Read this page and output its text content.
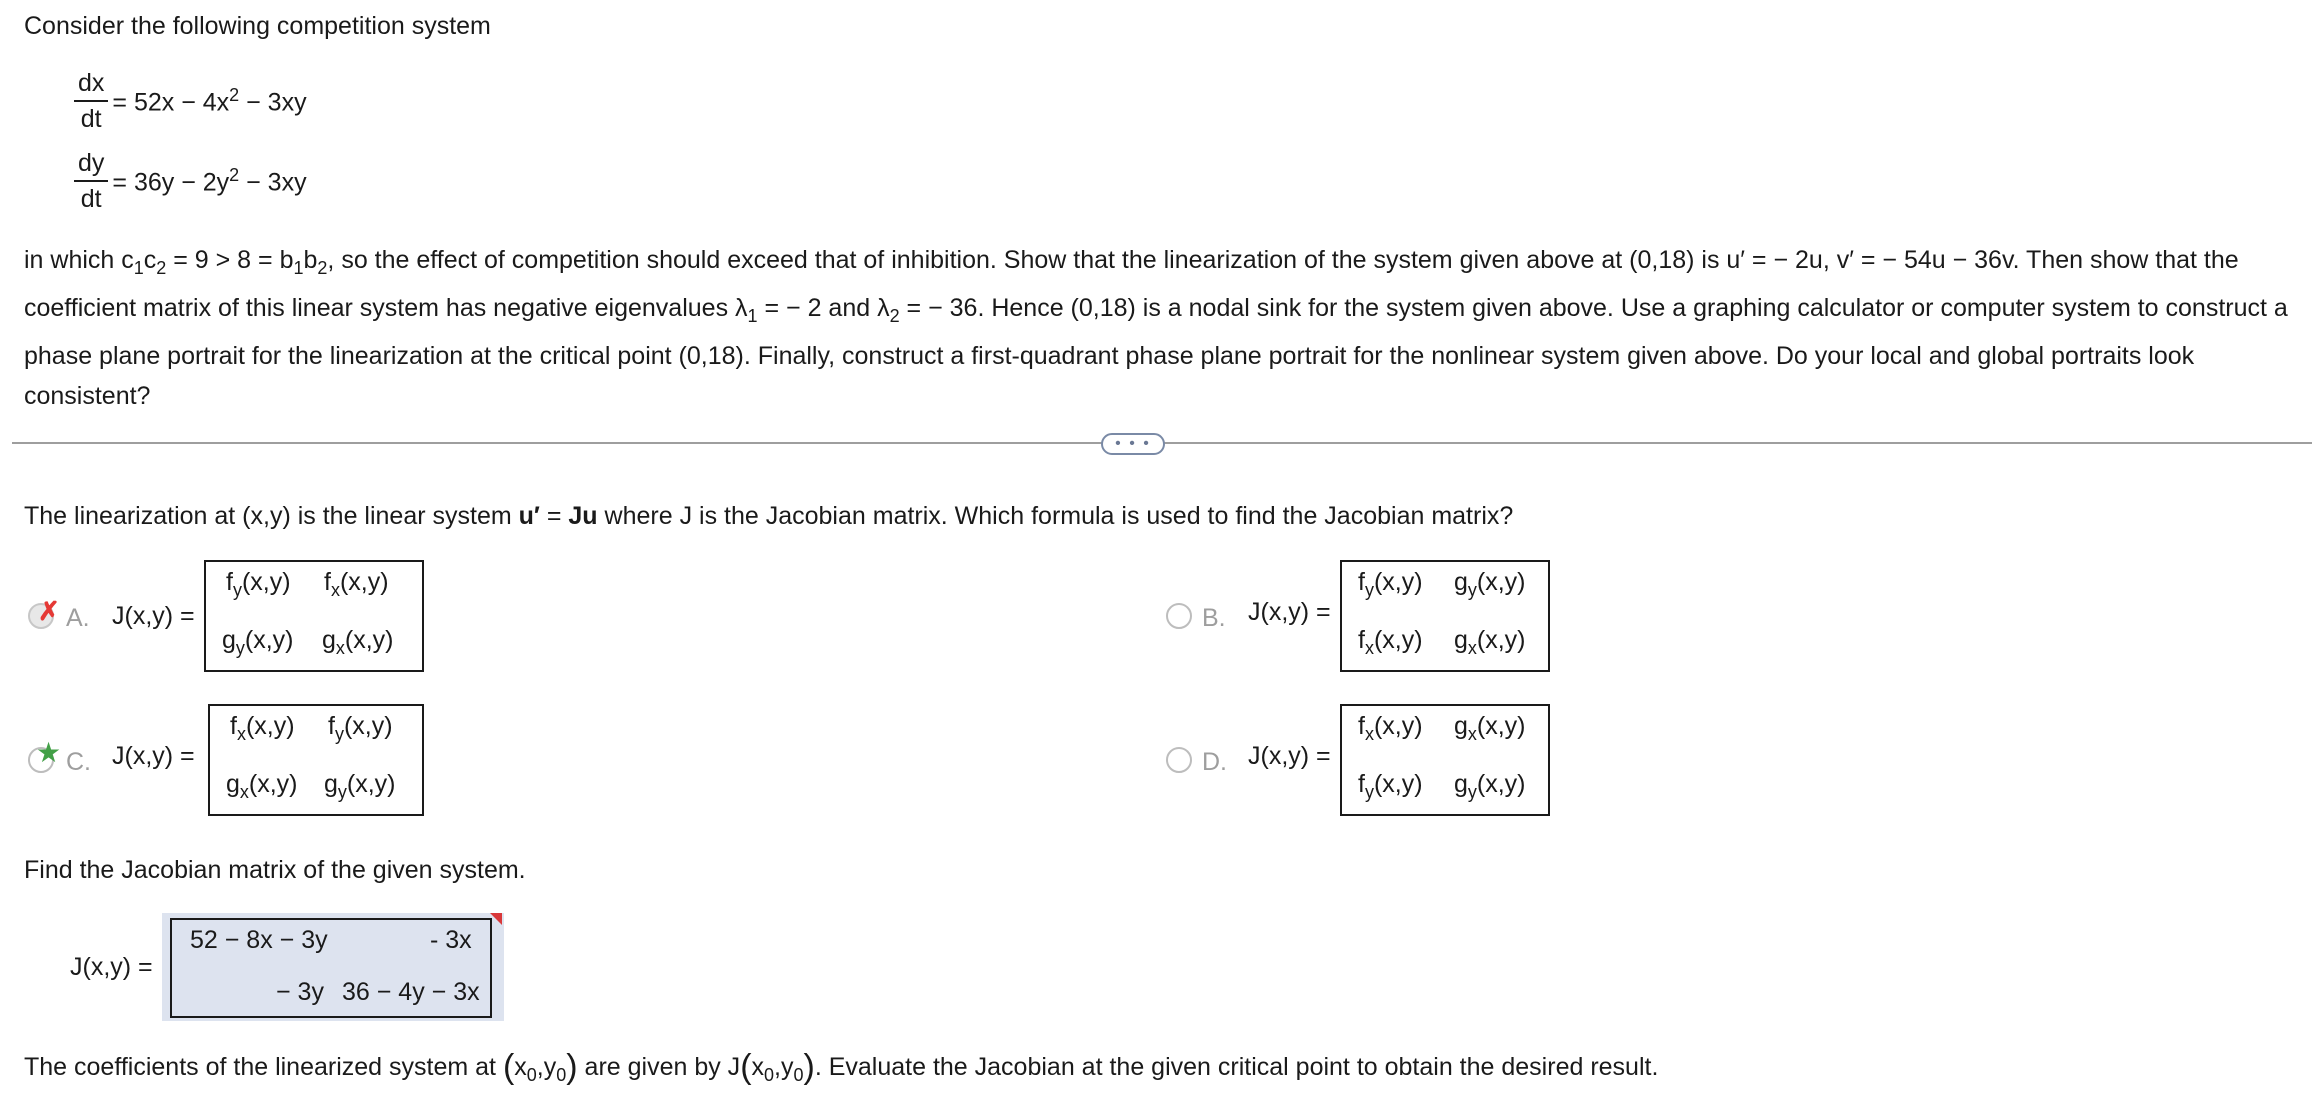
Consider the following competition system
$\frac{dx}{dt} = 52x - 4x^2 - 3xy$
$\frac{dy}{dt} = 36y - 2y^2 - 3xy$
in which $c_1c_2 = 9 > 8 = b_1b_2$, so the effect of competition should exceed that of inhibition. Show that the linearization of the system given above at (0,18) is u′ = − 2u, v′ = − 54u − 36v. Then show that the coefficient matrix of this linear system has negative eigenvalues $\lambda_1$ = − 2 and $\lambda_2$ = − 36. Hence (0,18) is a nodal sink for the system given above. Use a graphing calculator or computer system to construct a phase plane portrait for the linearization at the critical point (0,18). Finally, construct a first-quadrant phase plane portrait for the nonlinear system given above. Do your local and global portraits look consistent?
• • •
The linearization at (x,y) is the linear system u′ = Ju where J is the Jacobian matrix. Which formula is used to find the Jacobian matrix?
✗ A. J(x,y) =
$f_y(x,y)$ $f_x(x,y)$
$g_y(x,y)$ $g_x(x,y)$
B. J(x,y) =
$f_y(x,y)$ $g_y(x,y)$
$f_x(x,y)$ $g_x(x,y)$
★ C. J(x,y) =
$f_x(x,y)$ $f_y(x,y)$
$g_x(x,y)$ $g_y(x,y)$
D. J(x,y) =
$f_x(x,y)$ $g_x(x,y)$
$f_y(x,y)$ $g_y(x,y)$
Find the Jacobian matrix of the given system.
J(x,y) =
52 − 8x − 3y	- 3x
− 3y 36 − 4y − 3x
The coefficients of the linearized system at $(x_0,y_0)$ are given by $J(x_0,y_0)$. Evaluate the Jacobian at the given critical point to obtain the desired result.
